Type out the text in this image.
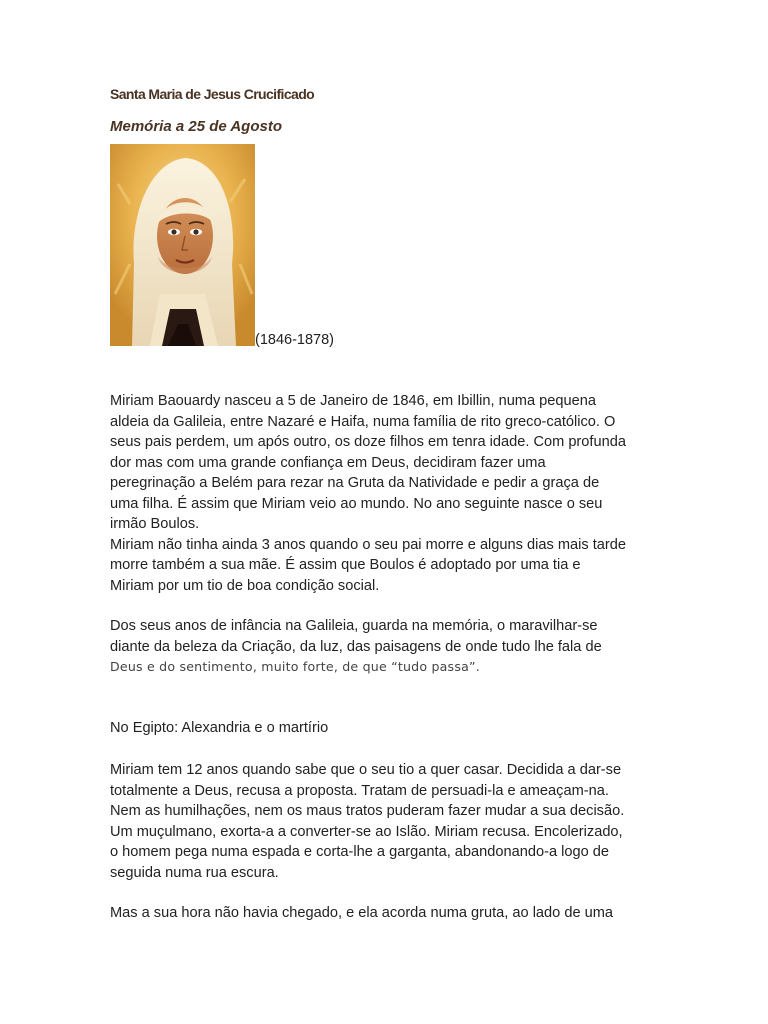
Santa Maria de Jesus Crucificado
Memória a 25 de Agosto
(1846-1878)

Miriam Baouardy nasceu a 5 de Janeiro de 1846, em Ibillin, numa pequena

aldeia da Galileia, entre Nazaré e Haifa, numa família de rito greco-católico. O

seus pais perdem, um após outro, os doze filhos em tenra idade. Com profunda

dor mas com uma grande confiança em Deus, decidiram fazer uma

peregrinação a Belém para rezar na Gruta da Natividade e pedir a graça de

uma filha. É assim que Miriam veio ao mundo. No ano seguinte nasce o seu

irmão Boulos.

Miriam não tinha ainda 3 anos quando o seu pai morre e alguns dias mais tarde

morre também a sua mãe. É assim que Boulos é adoptado por uma tia e

Miriam por um tio de boa condição social.

Dos seus anos de infância na Galileia, guarda na memória, o maravilhar-se

diante da beleza da Criação, da luz, das paisagens de onde tudo lhe fala de

Deus e do sentimento, muito forte, de que “tudo passa”.

No Egipto: Alexandria e o martírio

Miriam tem 12 anos quando sabe que o seu tio a quer casar. Decidida a dar-se

totalmente a Deus, recusa a proposta. Tratam de persuadi-la e ameaçam-na.

Nem as humilhações, nem os maus tratos puderam fazer mudar a sua decisão.

Um muçulmano, exorta-a a converter-se ao Islão. Miriam recusa. Encolerizado,

o homem pega numa espada e corta-lhe a garganta, abandonando-a logo de

seguida numa rua escura.

Mas a sua hora não havia chegado, e ela acorda numa gruta, ao lado de uma
